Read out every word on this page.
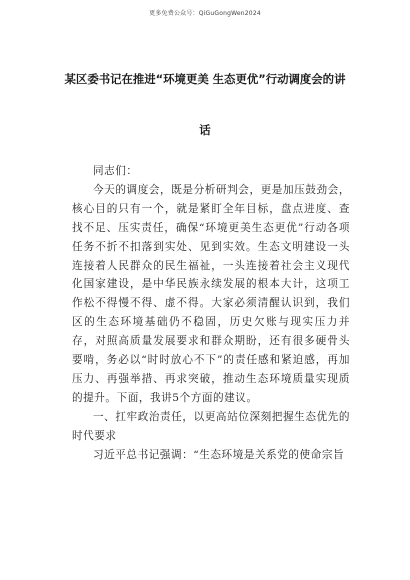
更多免费公众号：QiGuGongWen2024
某区委书记在推进“环境更美 生态更优”行动调度会的讲
话

同志们：

今天的调度会，既是分析研判会，更是加压鼓劲会，核心目的只有一个，就是紧盯全年目标，盘点进度、查找不足、压实责任，确保“环境更美生态更优”行动各项任务不折不扣落到实处、见到实效。生态文明建设一头连接着人民群众的民生福祉，一头连接着社会主义现代化国家建设，是中华民族永续发展的根本大计，这项工作松不得慢不得、虚不得。大家必须清醒认识到，我们区的生态环境基础仍不稳固，历史欠账与现实压力并存，对照高质量发展要求和群众期盼，还有很多硬骨头要啃，务必以“时时放心不下”的责任感和紧迫感，再加压力、再强举措、再求突破，推动生态环境质量实现质的提升。下面，我讲5个方面的建议。

一、扛牢政治责任，以更高站位深刻把握生态优先的时代要求

习近平总书记强调：“生态环境是关系党的使命宗旨
